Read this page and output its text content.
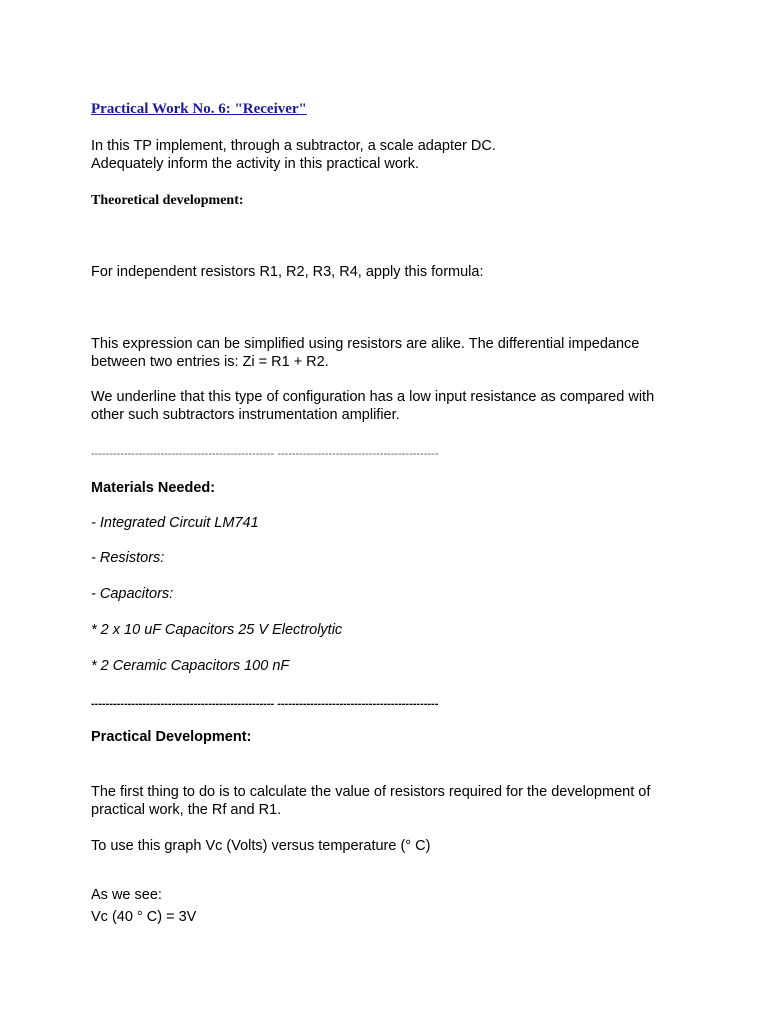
Practical Work No. 6: "Receiver"

In this TP implement, through a subtractor, a scale adapter DC.

Adequately inform the activity in this practical work.

Theoretical development:

For independent resistors R1, R2, R3, R4, apply this formula:

This expression can be simplified using resistors are alike. The differential impedance

between two entries is: Zi = R1 + R2.

We underline that this type of configuration has a low input resistance as compared with

other such subtractors instrumentation amplifier.

-------------------------------------------------- --------------------------------------------

Materials Needed:

- Integrated Circuit LM741

- Resistors:

- Capacitors:

* 2 x 10 uF Capacitors 25 V Electrolytic

* 2 Ceramic Capacitors 100 nF

-------------------------------------------------- --------------------------------------------

Practical Development:

The first thing to do is to calculate the value of resistors required for the development of

practical work, the Rf and R1.

To use this graph Vc (Volts) versus temperature (° C)

As we see:

Vc (40 ° C) = 3V
